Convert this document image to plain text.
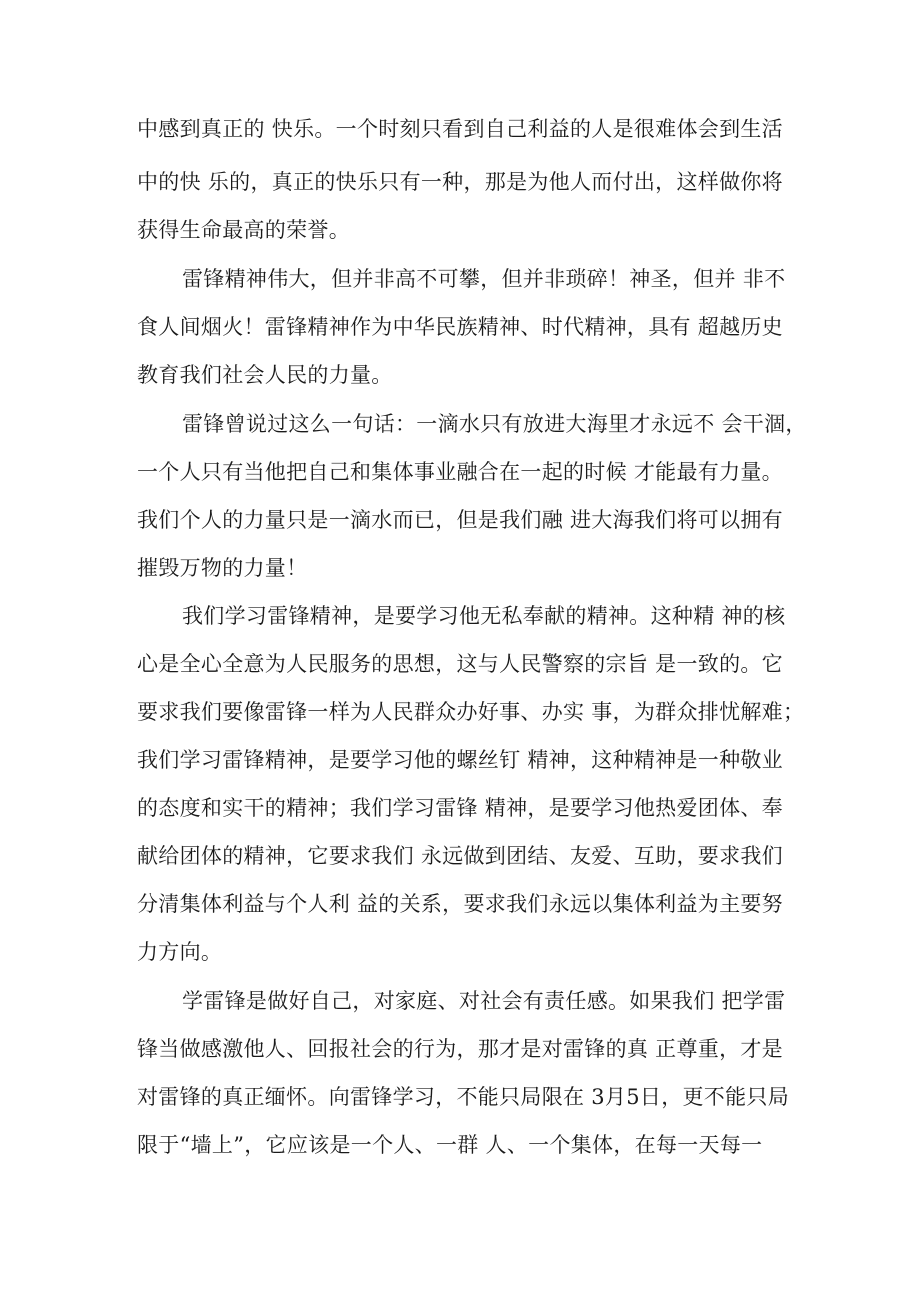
中感到真正的 快乐。一个时刻只看到自己利益的人是很难体会到生活
中的快 乐的，真正的快乐只有一种，那是为他人而付出，这样做你将
获得生命最高的荣誉。
雷锋精神伟大，但并非高不可攀，但并非琐碎！神圣，但并 非不
食人间烟火！雷锋精神作为中华民族精神、时代精神，具有 超越历史
教育我们社会人民的力量。
雷锋曾说过这么一句话：一滴水只有放进大海里才永远不 会干涸，
一个人只有当他把自己和集体事业融合在一起的时候 才能最有力量。
我们个人的力量只是一滴水而已，但是我们融 进大海我们将可以拥有
摧毁万物的力量！
我们学习雷锋精神，是要学习他无私奉献的精神。这种精 神的核
心是全心全意为人民服务的思想，这与人民警察的宗旨 是一致的。它
要求我们要像雷锋一样为人民群众办好事、办实 事，为群众排忧解难；
我们学习雷锋精神，是要学习他的螺丝钉 精神，这种精神是一种敬业
的态度和实干的精神；我们学习雷锋 精神，是要学习他热爱团体、奉
献给团体的精神，它要求我们 永远做到团结、友爱、互助，要求我们
分清集体利益与个人利 益的关系，要求我们永远以集体利益为主要努
力方向。
学雷锋是做好自己，对家庭、对社会有责任感。如果我们 把学雷
锋当做感激他人、回报社会的行为，那才是对雷锋的真 正尊重，才是
对雷锋的真正缅怀。向雷锋学习，不能只局限在 3月5日，更不能只局
限于“墙上”，它应该是一个人、一群 人、一个集体，在每一天每一
